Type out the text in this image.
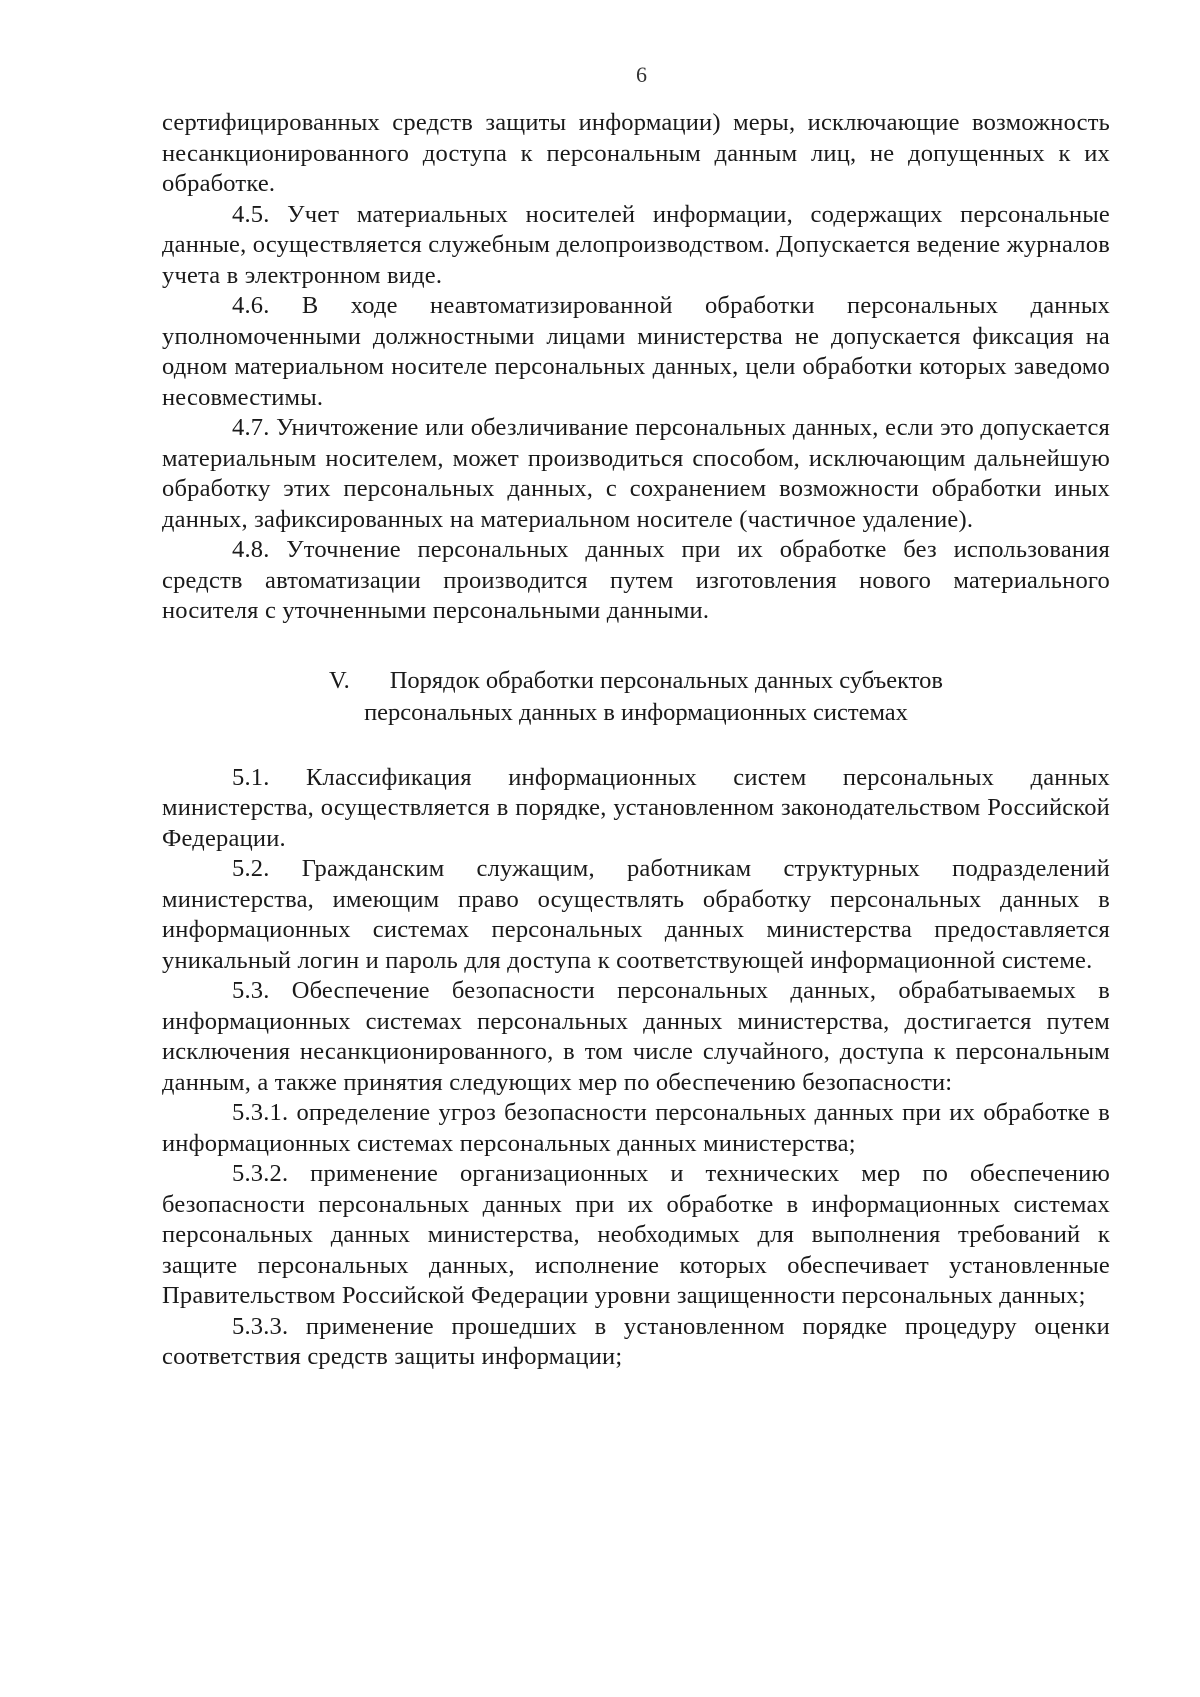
6

сертифицированных средств защиты информации) меры, исключающие возможность несанкционированного доступа к персональным данным лиц, не допущенных к их обработке.

4.5. Учет материальных носителей информации, содержащих персональные данные, осуществляется служебным делопроизводством. Допускается ведение журналов учета в электронном виде.

4.6. В ходе неавтоматизированной обработки персональных данных уполномоченными должностными лицами министерства не допускается фиксация на одном материальном носителе персональных данных, цели обработки которых заведомо несовместимы.

4.7. Уничтожение или обезличивание персональных данных, если это допускается материальным носителем, может производиться способом, исключающим дальнейшую обработку этих персональных данных, с сохранением возможности обработки иных данных, зафиксированных на материальном носителе (частичное удаление).

4.8. Уточнение персональных данных при их обработке без использования средств автоматизации производится путем изготовления нового материального носителя с уточненными персональными данными.

V. Порядок обработки персональных данных субъектов
персональных данных в информационных системах

5.1. Классификация информационных систем персональных данных министерства, осуществляется в порядке, установленном законодательством Российской Федерации.

5.2. Гражданским служащим, работникам структурных подразделений министерства, имеющим право осуществлять обработку персональных данных в информационных системах персональных данных министерства предоставляется уникальный логин и пароль для доступа к соответствующей информационной системе.

5.3. Обеспечение безопасности персональных данных, обрабатываемых в информационных системах персональных данных министерства, достигается путем исключения несанкционированного, в том числе случайного, доступа к персональным данным, а также принятия следующих мер по обеспечению безопасности:

5.3.1. определение угроз безопасности персональных данных при их обработке в информационных системах персональных данных министерства;

5.3.2. применение организационных и технических мер по обеспечению безопасности персональных данных при их обработке в информационных системах персональных данных министерства, необходимых для выполнения требований к защите персональных данных, исполнение которых обеспечивает установленные Правительством Российской Федерации уровни защищенности персональных данных;

5.3.3. применение прошедших в установленном порядке процедуру оценки соответствия средств защиты информации;
